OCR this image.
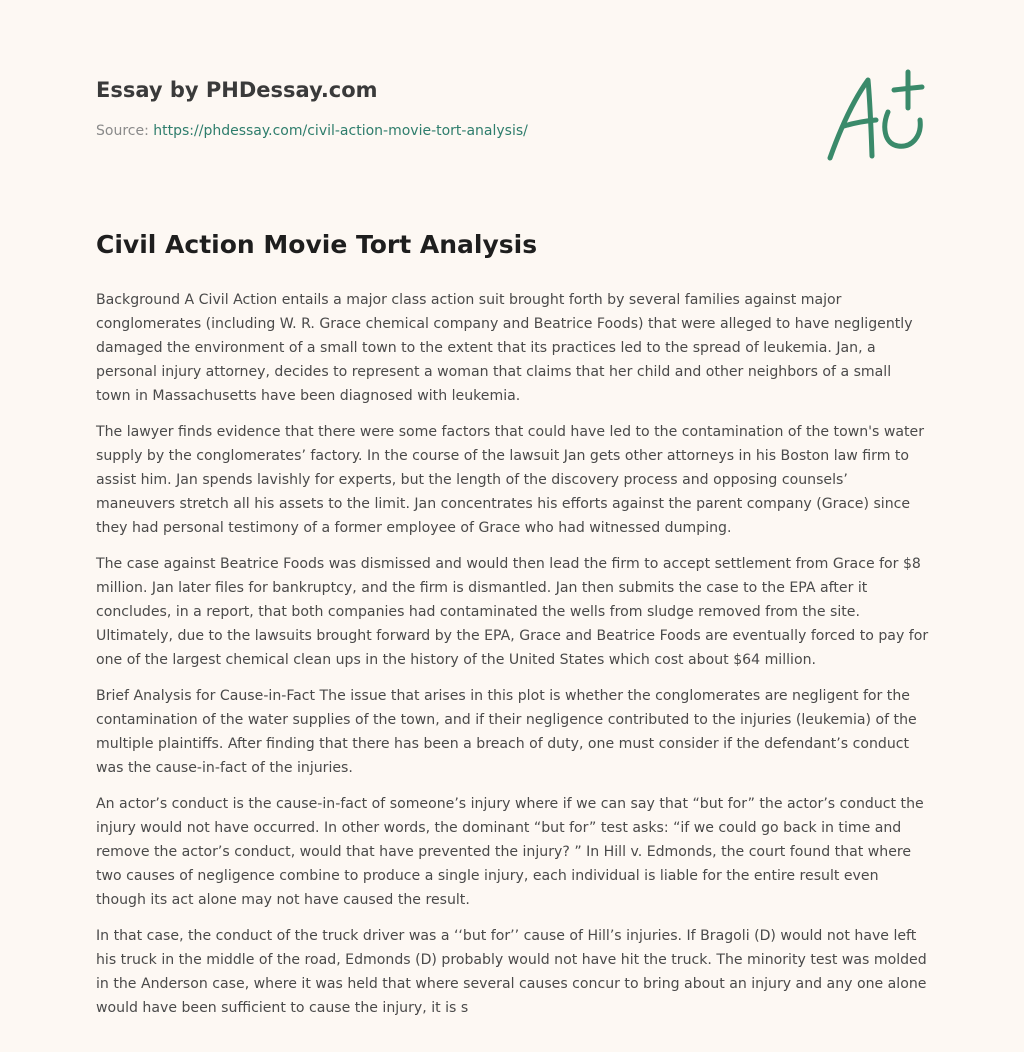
Essay by PHDessay.com
Source: https://phdessay.com/civil-action-movie-tort-analysis/
Civil Action Movie Tort Analysis

Background A Civil Action entails a major class action suit brought forth by several families against major conglomerates (including W. R. Grace chemical company and Beatrice Foods) that were alleged to have negligently damaged the environment of a small town to the extent that its practices led to the spread of leukemia. Jan, a personal injury attorney, decides to represent a woman that claims that her child and other neighbors of a small town in Massachusetts have been diagnosed with leukemia.

The lawyer finds evidence that there were some factors that could have led to the contamination of the town's water supply by the conglomerates’ factory. In the course of the lawsuit Jan gets other attorneys in his Boston law firm to assist him. Jan spends lavishly for experts, but the length of the discovery process and opposing counsels’ maneuvers stretch all his assets to the limit. Jan concentrates his efforts against the parent company (Grace) since they had personal testimony of a former employee of Grace who had witnessed dumping.

The case against Beatrice Foods was dismissed and would then lead the firm to accept settlement from Grace for $8 million. Jan later files for bankruptcy, and the firm is dismantled. Jan then submits the case to the EPA after it concludes, in a report, that both companies had contaminated the wells from sludge removed from the site. Ultimately, due to the lawsuits brought forward by the EPA, Grace and Beatrice Foods are eventually forced to pay for one of the largest chemical clean ups in the history of the United States which cost about $64 million.

Brief Analysis for Cause-in-Fact The issue that arises in this plot is whether the conglomerates are negligent for the contamination of the water supplies of the town, and if their negligence contributed to the injuries (leukemia) of the multiple plaintiffs. After finding that there has been a breach of duty, one must consider if the defendant’s conduct was the cause-in-fact of the injuries.

An actor’s conduct is the cause-in-fact of someone’s injury where if we can say that “but for” the actor’s conduct the injury would not have occurred. In other words, the dominant “but for” test asks: “if we could go back in time and remove the actor’s conduct, would that have prevented the injury? ” In Hill v. Edmonds, the court found that where two causes of negligence combine to produce a single injury, each individual is liable for the entire result even though its act alone may not have caused the result.

In that case, the conduct of the truck driver was a ‘‘but for’’ cause of Hill’s injuries. If Bragoli (D) would not have left his truck in the middle of the road, Edmonds (D) probably would not have hit the truck. The minority test was molded in the Anderson case, where it was held that where several causes concur to bring about an injury and any one alone would have been sufficient to cause the injury, it is s
